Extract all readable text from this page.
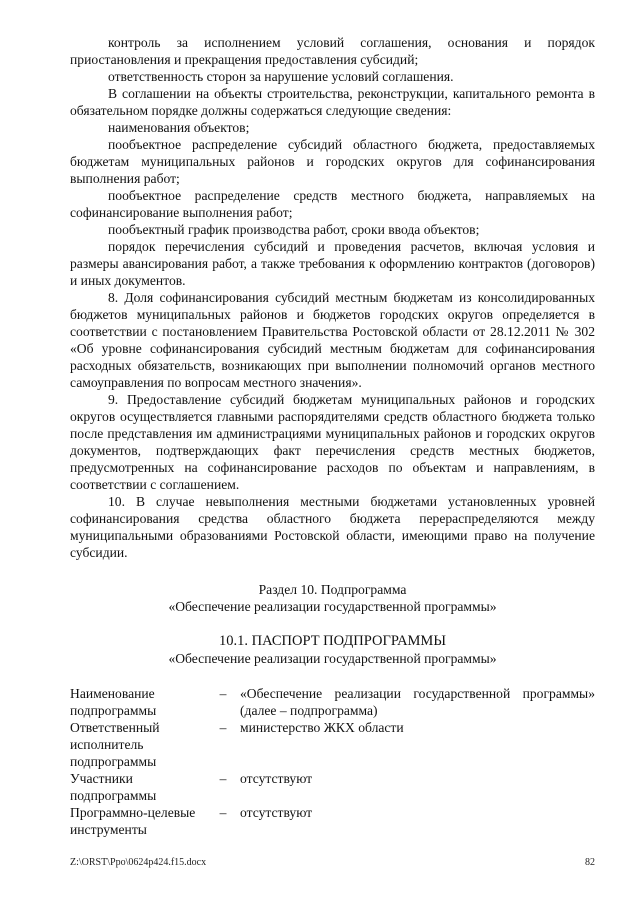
контроль за исполнением условий соглашения, основания и порядок приостановления и прекращения предоставления субсидий;

ответственность сторон за нарушение условий соглашения.

В соглашении на объекты строительства, реконструкции, капитального ремонта в обязательном порядке должны содержаться следующие сведения:

наименования объектов;

пообъектное распределение субсидий областного бюджета, предоставляемых бюджетам муниципальных районов и городских округов для софинансирования выполнения работ;

пообъектное распределение средств местного бюджета, направляемых на софинансирование выполнения работ;

пообъектный график производства работ, сроки ввода объектов;

порядок перечисления субсидий и проведения расчетов, включая условия и размеры авансирования работ, а также требования к оформлению контрактов (договоров) и иных документов.

8. Доля софинансирования субсидий местным бюджетам из консолидированных бюджетов муниципальных районов и бюджетов городских округов определяется в соответствии с постановлением Правительства Ростовской области от 28.12.2011 № 302 «Об уровне софинансирования субсидий местным бюджетам для софинансирования расходных обязательств, возникающих при выполнении полномочий органов местного самоуправления по вопросам местного значения».

9. Предоставление субсидий бюджетам муниципальных районов и городских округов осуществляется главными распорядителями средств областного бюджета только после представления им администрациями муниципальных районов и городских округов документов, подтверждающих факт перечисления средств местных бюджетов, предусмотренных на софинансирование расходов по объектам и направлениям, в соответствии с соглашением.

10. В случае невыполнения местными бюджетами установленных уровней софинансирования средства областного бюджета перераспределяются между муниципальными образованиями Ростовской области, имеющими право на получение субсидии.

Раздел 10. Подпрограмма

«Обеспечение реализации государственной программы»

10.1. ПАСПОРТ ПОДПРОГРАММЫ

«Обеспечение реализации государственной программы»

Наименование подпрограммы	–	«Обеспечение реализации государственной программы» (далее – подпрограмма)
Ответственный исполнитель подпрограммы	–	министерство ЖКХ области
Участники подпрограммы	–	отсутствуют
Программно-целевые инструменты	–	отсутствуют
Z:\ORST\Ppo\0624p424.f15.docx	82
